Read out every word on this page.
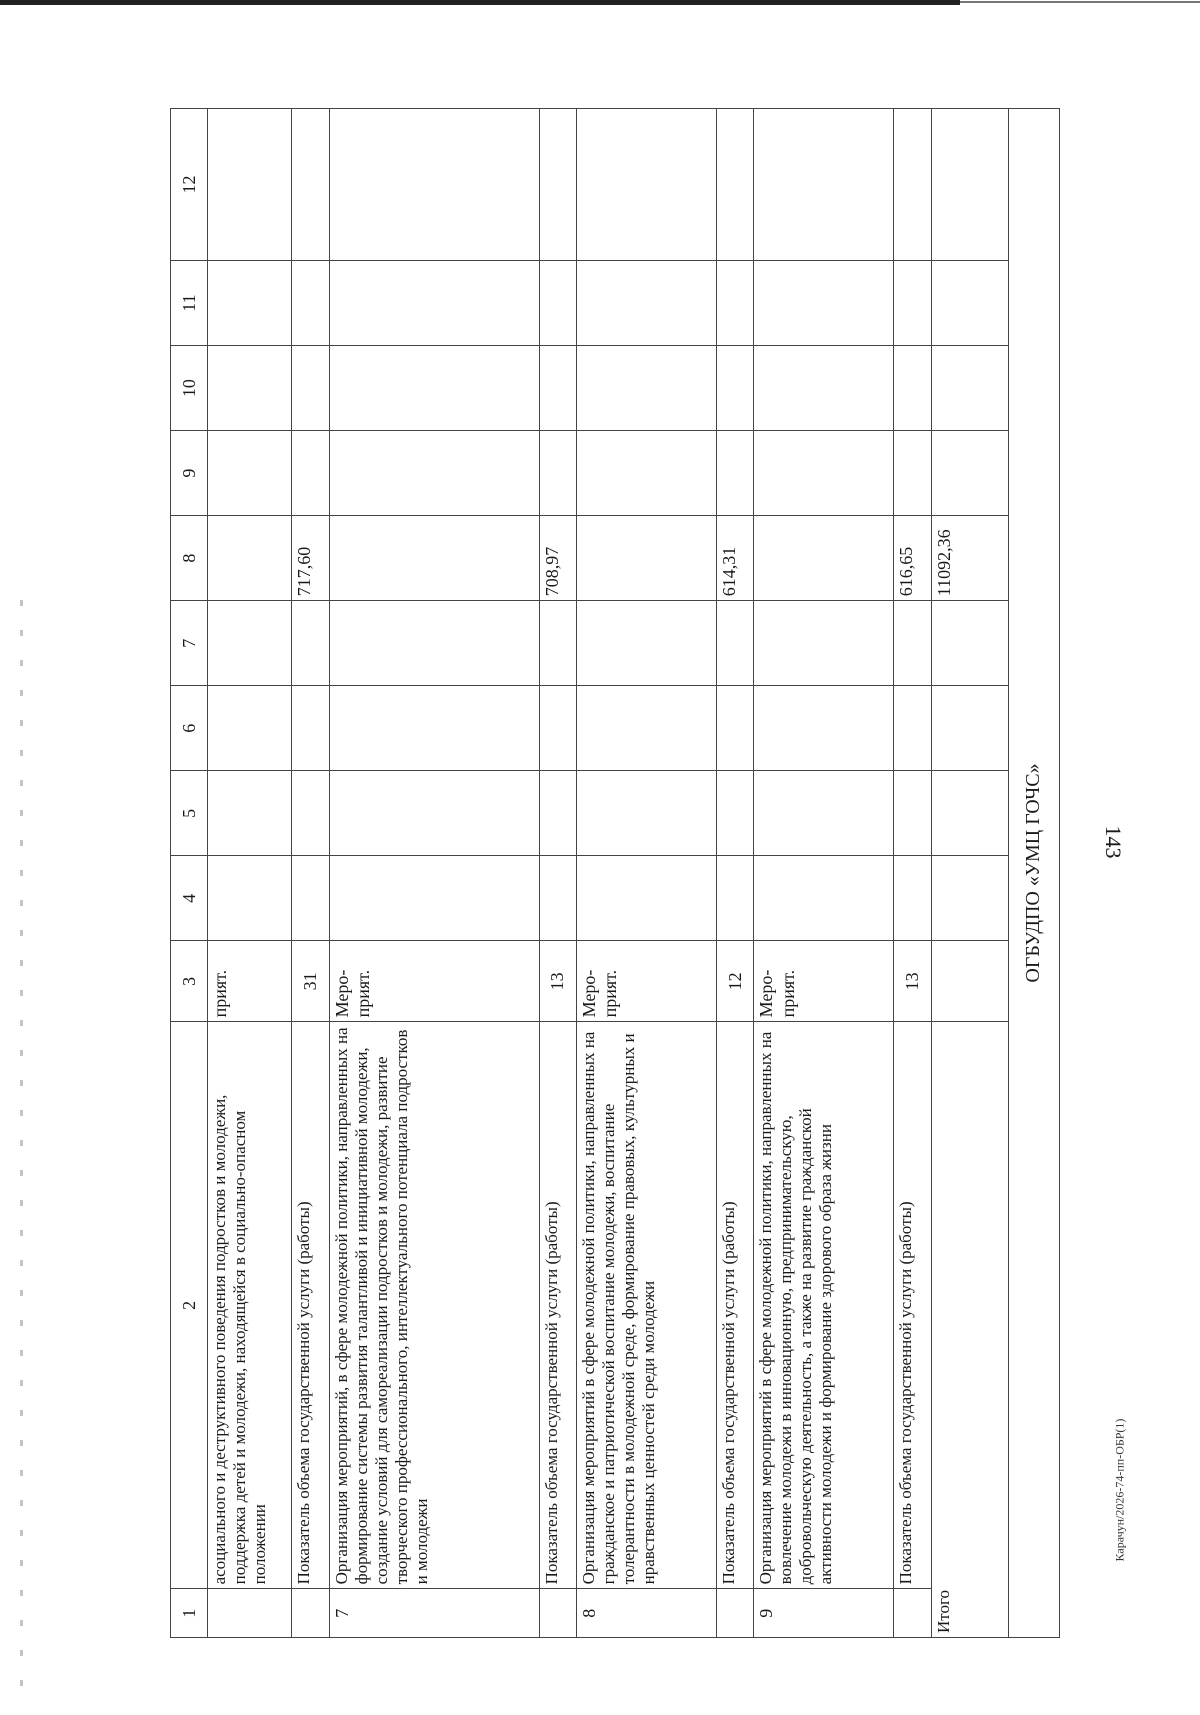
143
1	2	3	4	5	6	7	8	9	10	11	12
	асоциального и деструктивного поведения подростков и молодежи, поддержка детей и молодежи, находящейся в социально-опасном положении	прият.									
	Показатель объема государственной услуги (работы)	31					717,60				
7	Организация мероприятий, в сфере молодежной политики, направленных на формирование системы развития талантливой и инициативной молодежи, создание условий для самореализации подростков и молодежи, развитие творческого профессионального, интеллектуального потенциала подростков и молодежи	Меро-прият.									
	Показатель объема государственной услуги (работы)	13					708,97				
8	Организация мероприятий в сфере молодежной политики, направленных на гражданское и патриотической воспитание молодежи, воспитание толерантности в молодежной среде, формирование правовых, культурных и нравственных ценностей среди молодежи	Меро-прият.									
	Показатель объема государственной услуги (работы)	12					614,31				
9	Организация мероприятий в сфере молодежной политики, направленных на вовлечение молодежи в инновационную, предпринимательскую, добровольческую деятельность, а также на развитие гражданской активности молодежи и формирование здорового образа жизни	Меро-прият.									
	Показатель объема государственной услуги (работы)	13					616,65				
Итого							11092,36				
ОГБУДПО «УМЦ ГОЧС»											
Карачун/2026-74-пп-ОБР(1)
